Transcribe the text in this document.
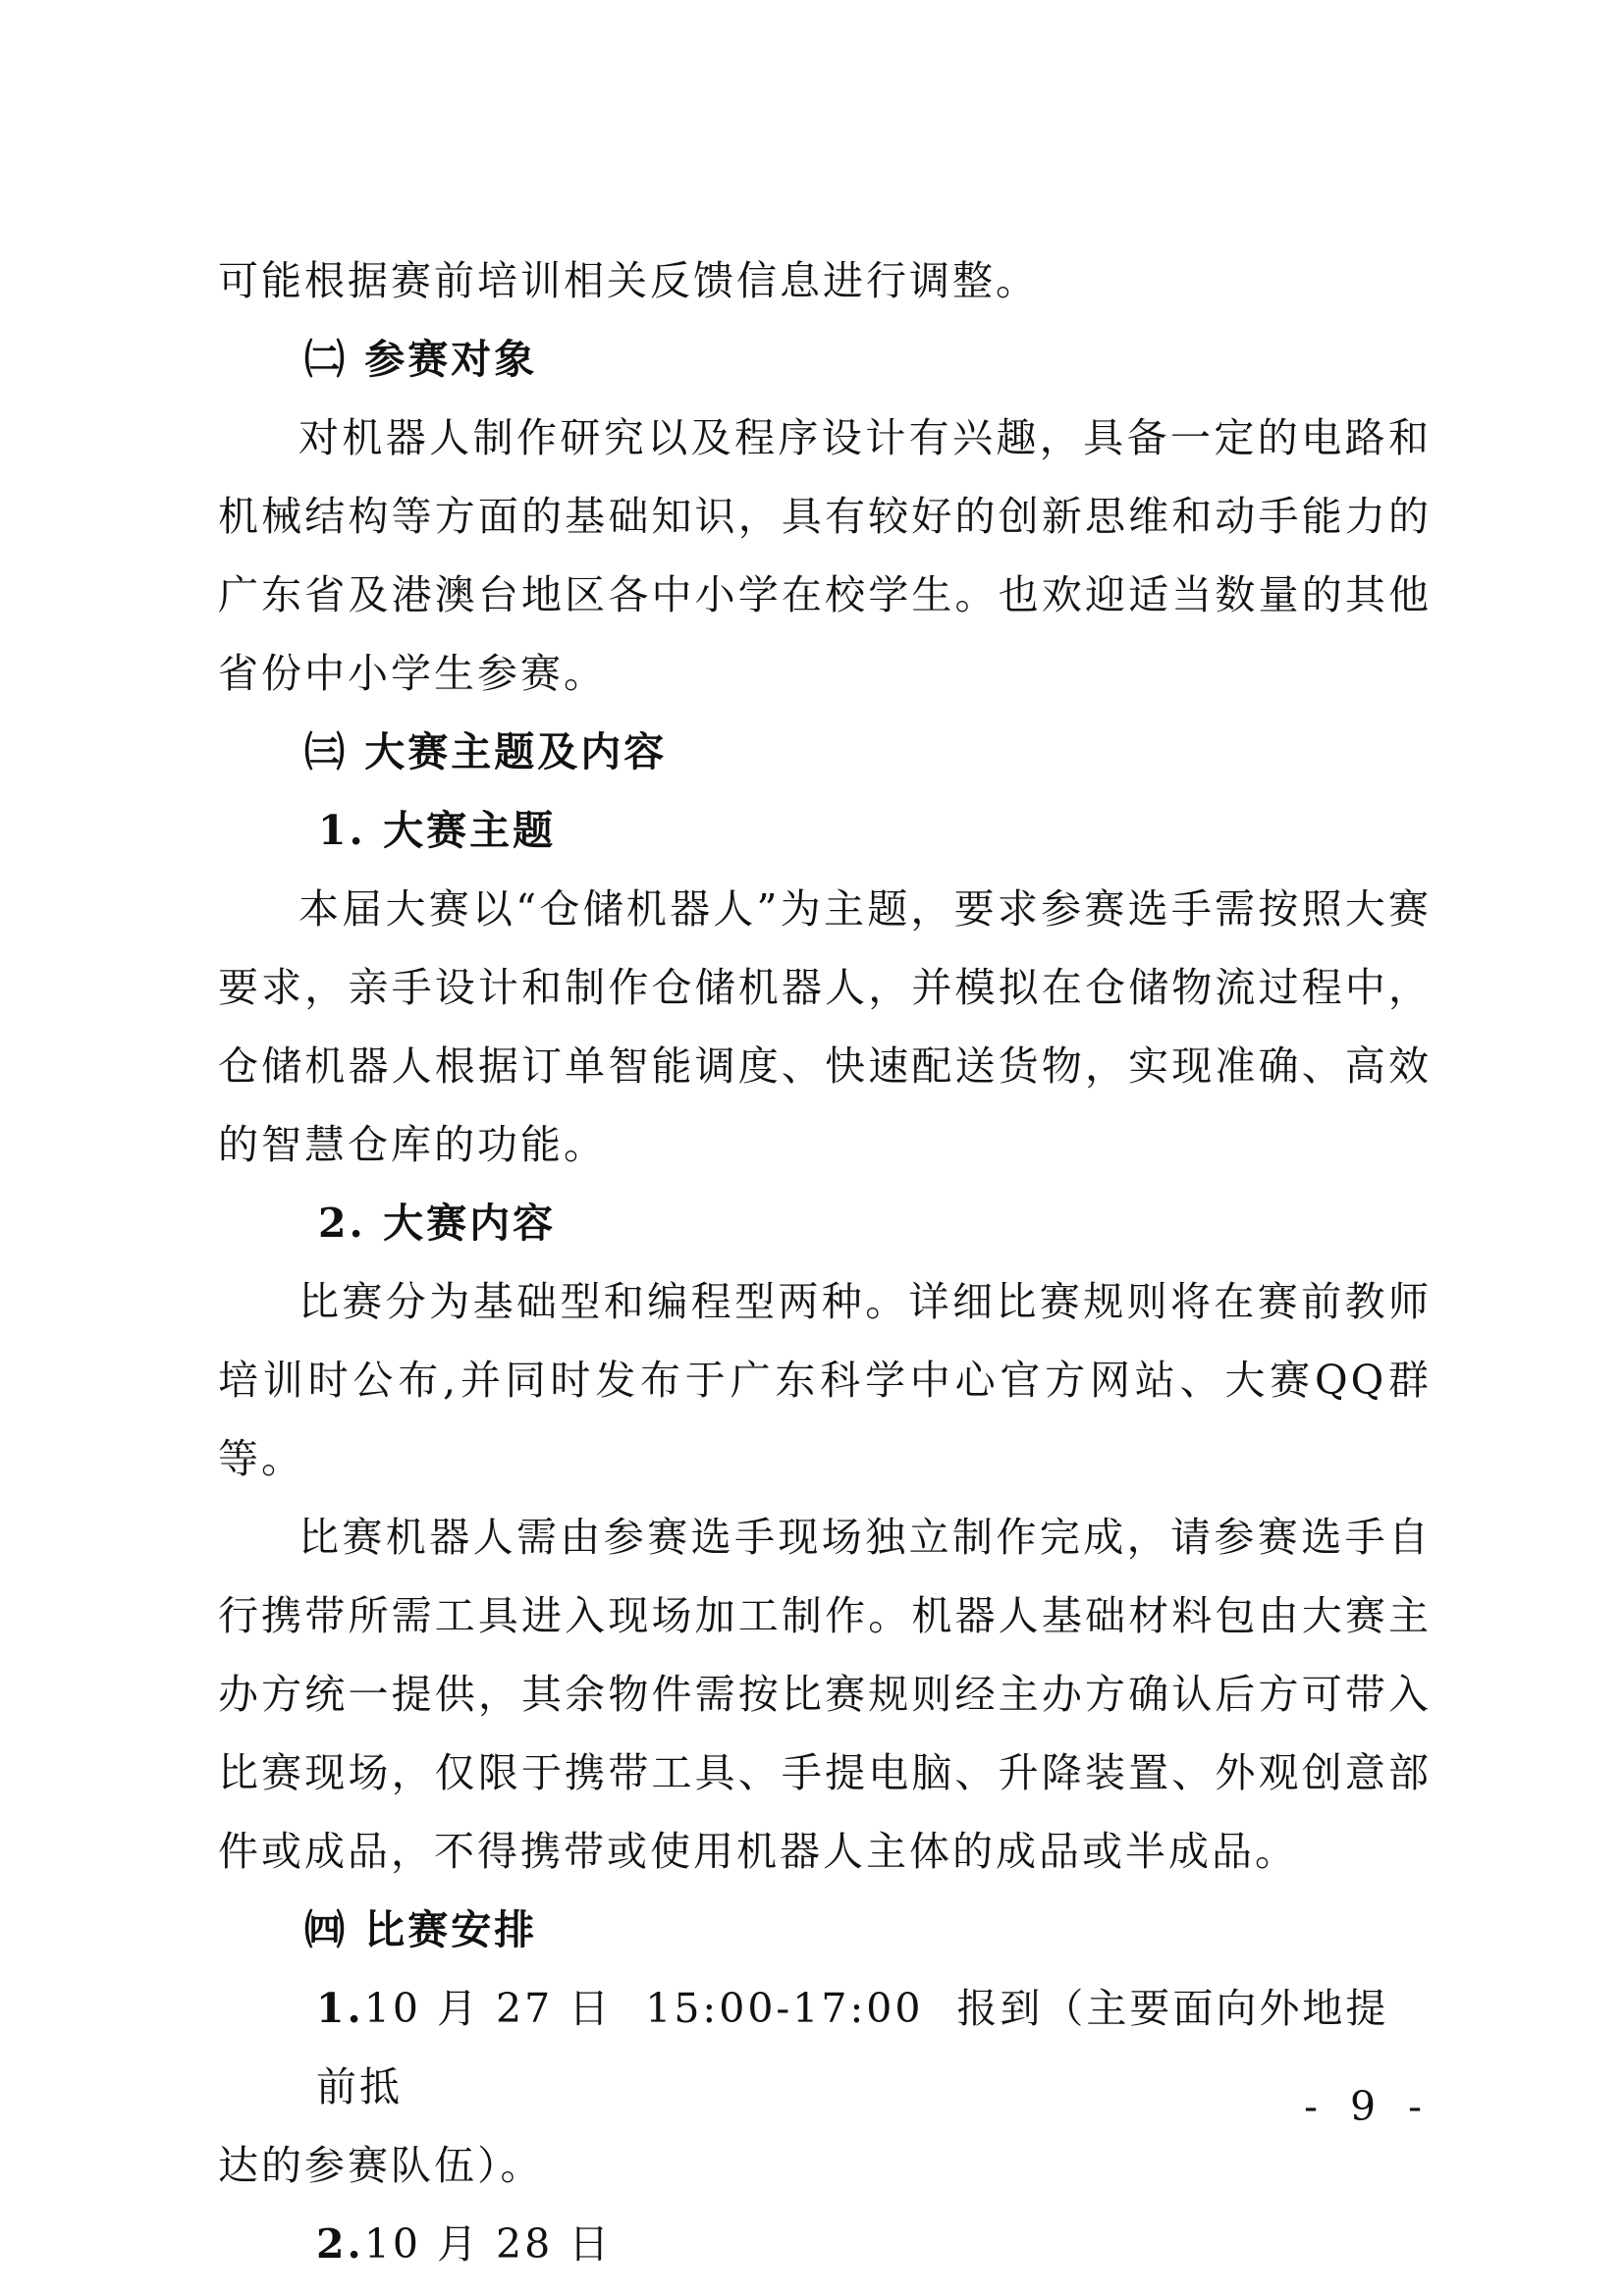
可能根据赛前培训相关反馈信息进行调整。

㈡ 参赛对象

对机器人制作研究以及程序设计有兴趣，具备一定的电路和机械结构等方面的基础知识，具有较好的创新思维和动手能力的广东省及港澳台地区各中小学在校学生。也欢迎适当数量的其他省份中小学生参赛。

㈢ 大赛主题及内容

1. 大赛主题

本届大赛以“仓储机器人”为主题，要求参赛选手需按照大赛要求，亲手设计和制作仓储机器人，并模拟在仓储物流过程中，仓储机器人根据订单智能调度、快速配送货物，实现准确、高效的智慧仓库的功能。

2. 大赛内容

比赛分为基础型和编程型两种。详细比赛规则将在赛前教师培训时公布,并同时发布于广东科学中心官方网站、大赛QQ群等。

比赛机器人需由参赛选手现场独立制作完成，请参赛选手自行携带所需工具进入现场加工制作。机器人基础材料包由大赛主办方统一提供，其余物件需按比赛规则经主办方确认后方可带入比赛现场，仅限于携带工具、手提电脑、升降装置、外观创意部件或成品，不得携带或使用机器人主体的成品或半成品。

㈣ 比赛安排

1.10 月 27 日 15:00-17:00 报到（主要面向外地提前抵

达的参赛队伍）。

2.10 月 28 日

- 9 -
